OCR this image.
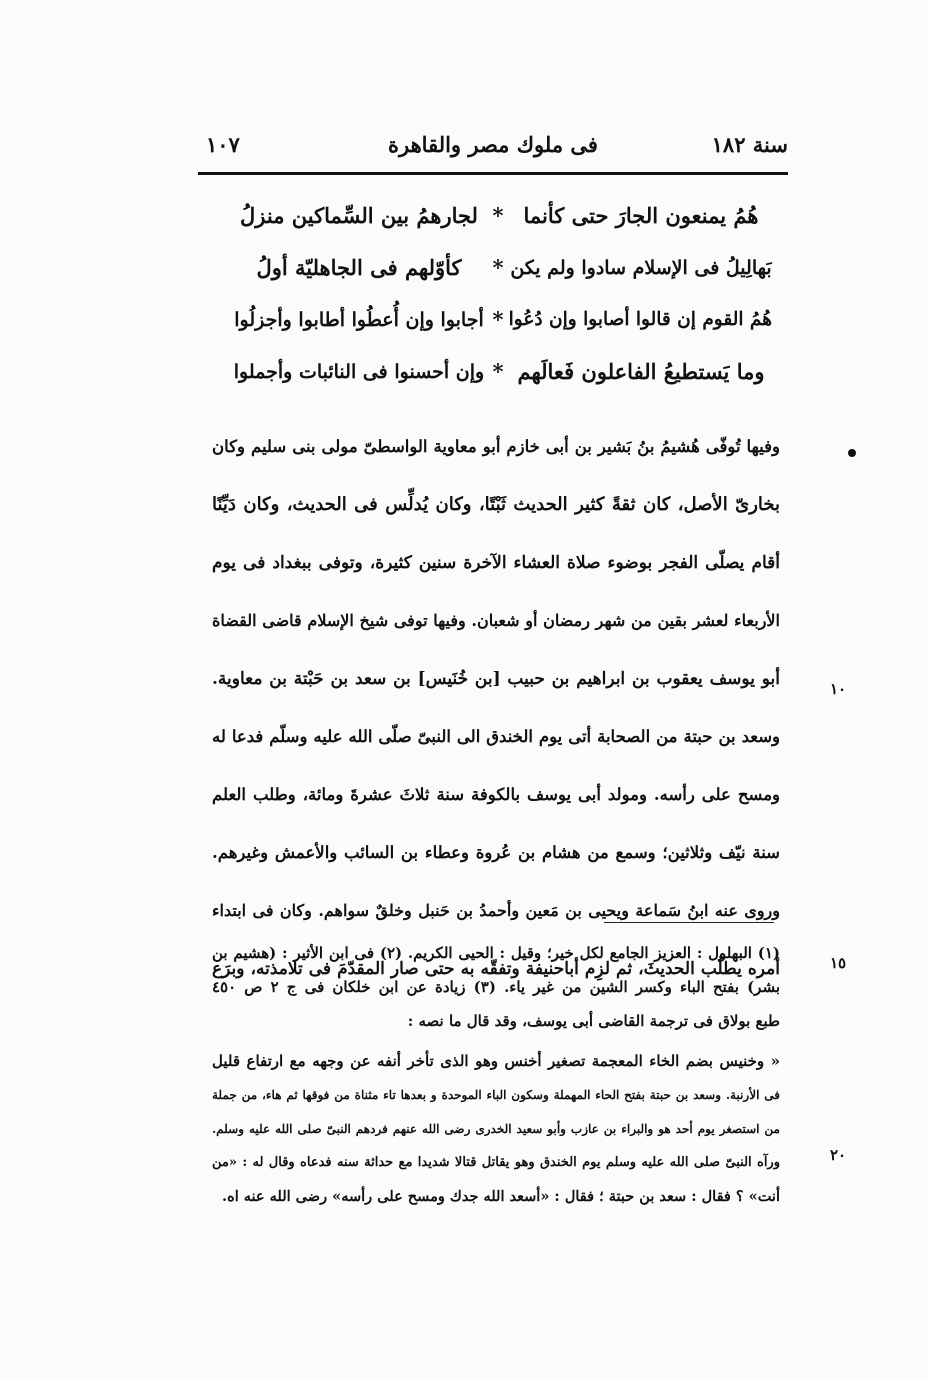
سنة ١٨٢
فى ملوك مصر والقاهرة
١٠٧
هُمُ يمنعون الجارَ حتى كأنما
*
لجارهمُ بين السِّماكين منزلُ
بَهالِيلُ فى الإسلام سادوا ولم يكن
*
كأوّلهم فى الجاهليّة أولُ
هُمُ القوم إن قالوا أصابوا وإن دُعُوا
*
أجابوا وإن أُعطُوا أطابوا وأجزلُوا
وما يَستطيعُ الفاعلون فَعالَهم
*
وإن أحسنوا فى النائبات وأجملوا
١٠
١٥
٢٠
وفيها تُوفّى هُشيمُ بنُ بَشير بن أبى خازم أبو معاوية الواسطىّ مولى بنى سليم وكان
بخارىّ الأصل، كان ثقةً كثير الحديث ثَبْتًا، وكان يُدلِّس فى الحديث، وكان دَيِّنًا
أقام يصلّى الفجر بوضوء صلاة العشاء الآخرة سنين كثيرة، وتوفى ببغداد فى يوم
الأربعاء لعشر بقين من شهر رمضان أو شعبان. وفيها توفى شيخ الإسلام قاضى القضاة
أبو يوسف يعقوب بن ابراهيم بن حبيب [بن خُنَيس] بن سعد بن حَبْتة بن معاوية.
وسعد بن حبتة من الصحابة أتى يوم الخندق الى النبىّ صلّى الله عليه وسلّم فدعا له
ومسح على رأسه. ومولد أبى يوسف بالكوفة سنة ثلاثَ عشرةَ ومائة، وطلب العلم
سنة نيّف وثلاثين؛ وسمع من هشام بن عُروة وعطاء بن السائب والأعمش وغيرهم.
وروى عنه ابنُ سَماعة ويحيى بن مَعين وأحمدُ بن حَنبل وخلقٌ سواهم. وكان فى ابتداء
أمره يطلُب الحديثَ، ثم لزِم أباحنيفة وتفقّه به حتى صار المقدّمَ فى تلامذته، وبرَع
(١) البهلول : العزيز الجامع لكل خير؛ وقيل : الحيى الكريم. (٢) فى ابن الأثير : (هشيم بن
بشر) بفتح الباء وكسر الشين من غير ياء. (٣) زيادة عن ابن خلكان فى ج ٢ ص ٤٥٠
طبع بولاق فى ترجمة القاضى أبى يوسف، وقد قال ما نصه :
« وخنيس بضم الخاء المعجمة تصغير أخنس وهو الذى تأخر أنفه عن وجهه مع ارتفاع قليل
فى الأرنبة. وسعد بن حبتة بفتح الحاء المهملة وسكون الباء الموحدة و بعدها تاء مثناة من فوقها ثم هاء، من جملة
من استصغر يوم أحد هو والبراء بن عازب وأبو سعيد الخدرى رضى الله عنهم فردهم النبىّ صلى الله عليه وسلم.
ورآه النبىّ صلى الله عليه وسلم يوم الخندق وهو يقاتل قتالا شديدا مع حداثة سنه فدعاه وقال له : «من
أنت» ؟ فقال : سعد بن حبتة ؛ فقال : «أسعد الله جدك ومسح على رأسه» رضى الله عنه اه.
